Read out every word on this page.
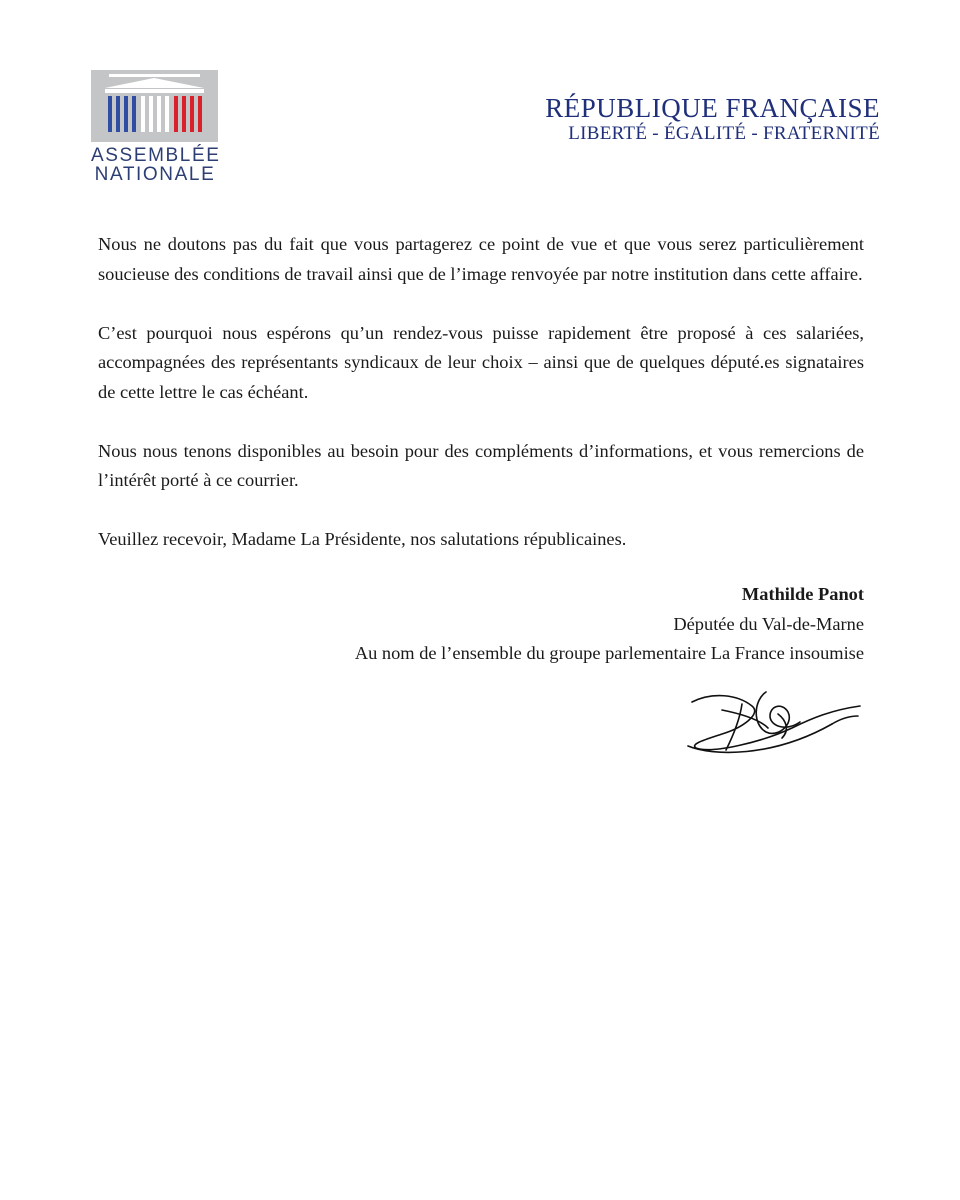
ASSEMBLÉE
NATIONALE
RÉPUBLIQUE FRANÇAISE
LIBERTÉ - ÉGALITÉ - FRATERNITÉ

Nous ne doutons pas du fait que vous partagerez ce point de vue et que vous serez particulièrement soucieuse des conditions de travail ainsi que de l’image renvoyée par notre institution dans cette affaire.

C’est pourquoi nous espérons qu’un rendez-vous puisse rapidement être proposé à ces salariées, accompagnées des représentants syndicaux de leur choix – ainsi que de quelques député.es signataires de cette lettre le cas échéant.

Nous nous tenons disponibles au besoin pour des compléments d’informations, et vous remercions de l’intérêt porté à ce courrier.

Veuillez recevoir, Madame La Présidente, nos salutations républicaines.

Mathilde Panot
Députée du Val-de-Marne
Au nom de l’ensemble du groupe parlementaire La France insoumise
